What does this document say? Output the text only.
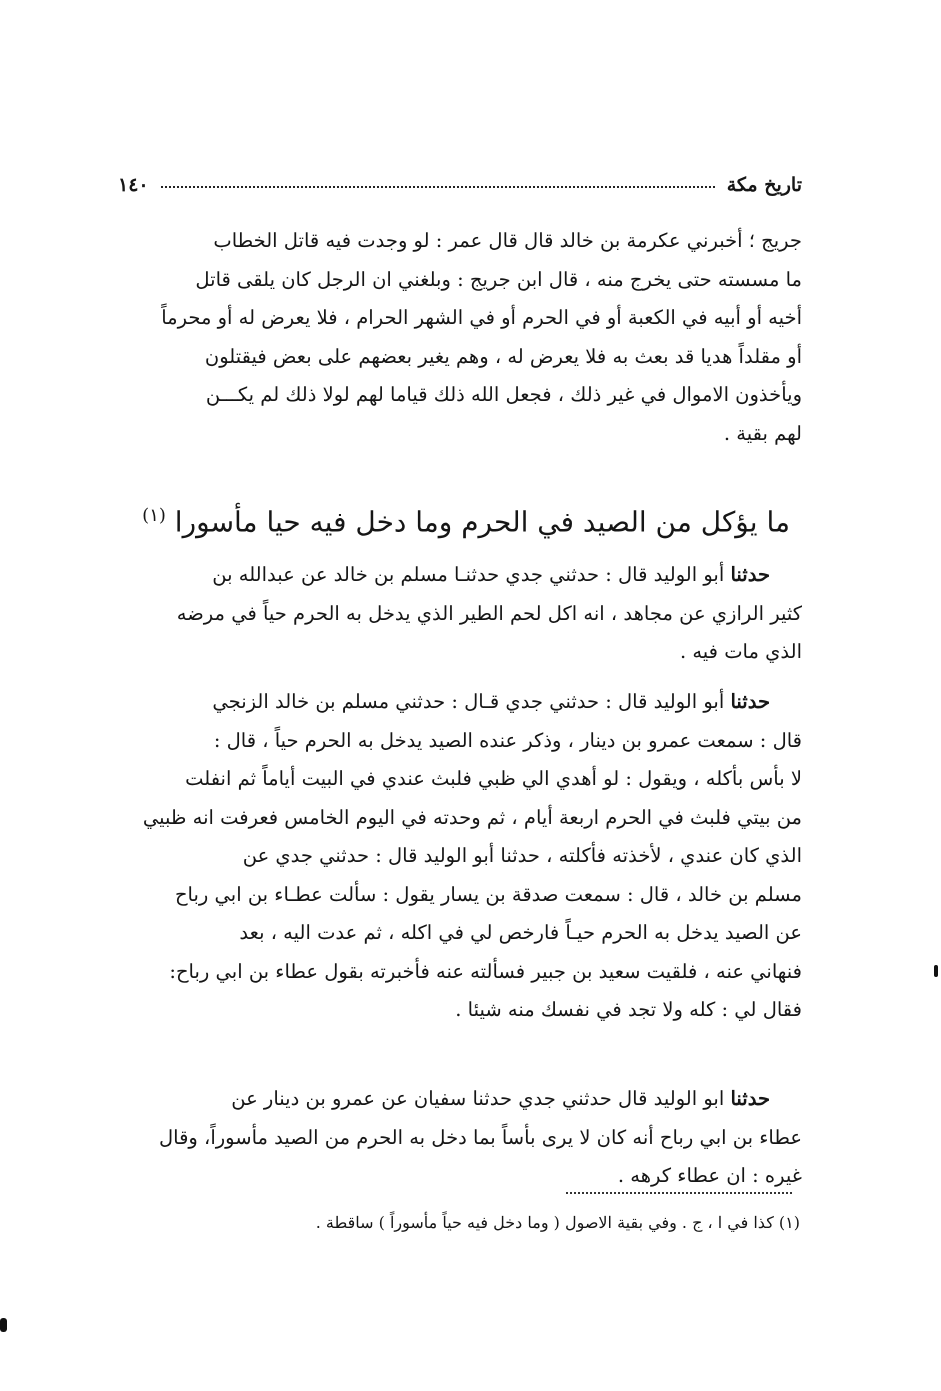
تاريخ مكة
١٤٠
جريج ؛ أخبرني عكرمة بن خالد قال قال عمر : لو وجدت فيه قاتل الخطاب
ما مسسته حتى يخرج منه ، قال ابن جريج : وبلغني ان الرجل كان يلقى قاتل
أخيه أو أبيه في الكعبة أو في الحرم أو في الشهر الحرام ، فلا يعرض له أو محرماً
أو مقلداً هديا قد بعث به فلا يعرض له ، وهم يغير بعضهم على بعض فيقتلون
ويأخذون الاموال في غير ذلك ، فجعل الله ذلك قياما لهم لولا ذلك لم يكـــن
لهم بقية .
ما يؤكل من الصيد في الحرم وما دخل فيه حيا مأسورا $^{(١)}$
حدثنا أبو الوليد قال : حدثني جدي حدثنـا مسلم بن خالد عن عبدالله بن
كثير الرازي عن مجاهد ، انه اكل لحم الطير الذي يدخل به الحرم حياً في مرضه
الذي مات فيه .
حدثنا أبو الوليد قال : حدثني جدي قـال : حدثني مسلم بن خالد الزنجي
قال : سمعت عمرو بن دينار ، وذكر عنده الصيد يدخل به الحرم حياً ، قال :
لا بأس بأكله ، ويقول : لو أهدي الي ظبي فلبث عندي في البيت أياماً ثم انفلت
من بيتي فلبث في الحرم اربعة أيام ، ثم وحدته في اليوم الخامس فعرفت انه ظبيي
الذي كان عندي ، لأخذته فأكلته ، حدثنا أبو الوليد قال : حدثني جدي عن
مسلم بن خالد ، قال : سمعت صدقة بن يسار يقول : سألت عطـاء بن ابي رباح
عن الصيد يدخل به الحرم حيـاً فارخص لي في اكله ، ثم عدت اليه ، بعد
فنهاني عنه ، فلقيت سعيد بن جبير فسألته عنه فأخبرته بقول عطاء بن ابي رباح:
فقال لي : كله ولا تجد في نفسك منه شيئا .
حدثنا ابو الوليد قال حدثني جدي حدثنا سفيان عن عمرو بن دينار عن
عطاء بن ابي رباح أنه كان لا يرى بأساً بما دخل به الحرم من الصيد مأسوراً، وقال
غيره : ان عطاء كرهه .
(١) كذا في ا ، ج . وفي بقية الاصول ( وما دخل فيه حياً مأسوراً ) ساقطة .
